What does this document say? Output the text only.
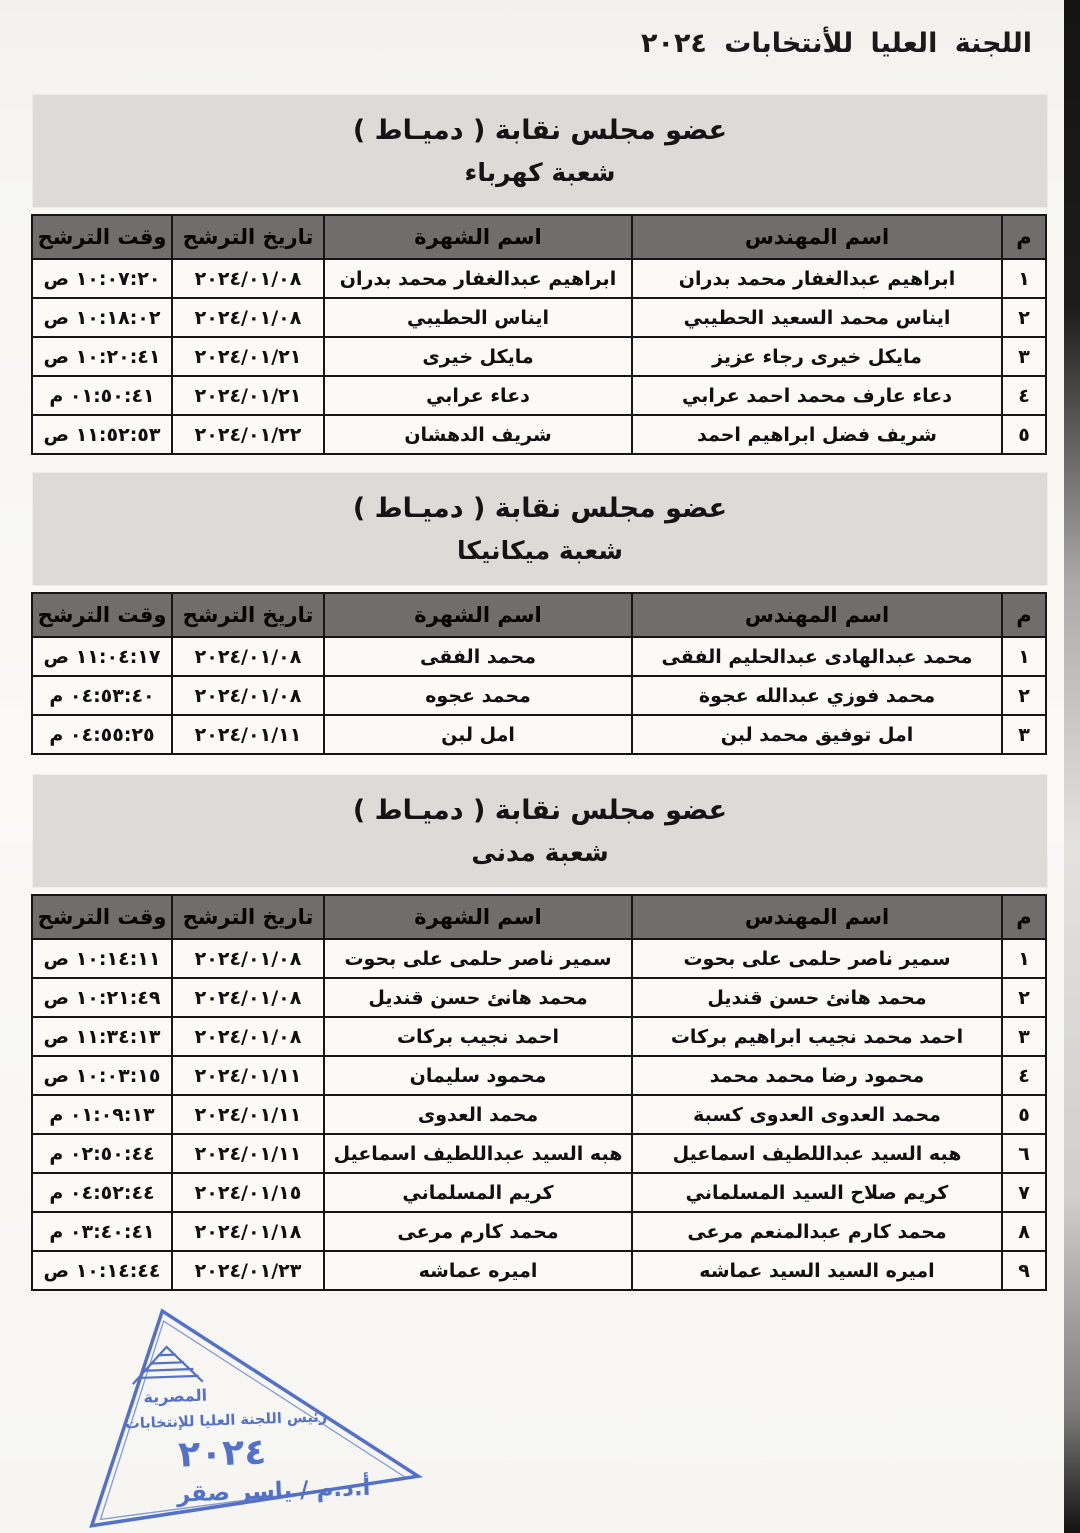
اللجنة العليا للأنتخابات ٢٠٢٤
عضو مجلس نقابة ( دميـاط )
شعبة كهرباء
م	اسم المهندس	اسم الشهرة	تاريخ الترشح	وقت الترشح
١	ابراهيم عبدالغفار محمد بدران	ابراهيم عبدالغفار محمد بدران	٢٠٢٤/٠١/٠٨	١٠:٠٧:٢٠ ص
٢	ايناس محمد السعيد الحطيبي	ايناس الحطيبي	٢٠٢٤/٠١/٠٨	١٠:١٨:٠٢ ص
٣	مايكل خيرى رجاء عزيز	مايكل خيرى	٢٠٢٤/٠١/٢١	١٠:٢٠:٤١ ص
٤	دعاء عارف محمد احمد عرابي	دعاء عرابي	٢٠٢٤/٠١/٢١	٠١:٥٠:٤١ م
٥	شريف فضل ابراهيم احمد	شريف الدهشان	٢٠٢٤/٠١/٢٢	١١:٥٢:٥٣ ص
عضو مجلس نقابة ( دميـاط )
شعبة ميكانيكا
م	اسم المهندس	اسم الشهرة	تاريخ الترشح	وقت الترشح
١	محمد عبدالهادى عبدالحليم الفقى	محمد الفقى	٢٠٢٤/٠١/٠٨	١١:٠٤:١٧ ص
٢	محمد فوزي عبدالله عجوة	محمد عجوه	٢٠٢٤/٠١/٠٨	٠٤:٥٣:٤٠ م
٣	امل توفيق محمد لبن	امل لبن	٢٠٢٤/٠١/١١	٠٤:٥٥:٢٥ م
عضو مجلس نقابة ( دميـاط )
شعبة مدنى
م	اسم المهندس	اسم الشهرة	تاريخ الترشح	وقت الترشح
١	سمير ناصر حلمى على بحوت	سمير ناصر حلمى على بحوت	٢٠٢٤/٠١/٠٨	١٠:١٤:١١ ص
٢	محمد هانئ حسن قنديل	محمد هانئ حسن قنديل	٢٠٢٤/٠١/٠٨	١٠:٢١:٤٩ ص
٣	احمد محمد نجيب ابراهيم بركات	احمد نجيب بركات	٢٠٢٤/٠١/٠٨	١١:٣٤:١٣ ص
٤	محمود رضا محمد محمد	محمود سليمان	٢٠٢٤/٠١/١١	١٠:٠٣:١٥ ص
٥	محمد العدوى العدوى كسبة	محمد العدوى	٢٠٢٤/٠١/١١	٠١:٠٩:١٣ م
٦	هبه السيد عبداللطيف اسماعيل	هبه السيد عبداللطيف اسماعيل	٢٠٢٤/٠١/١١	٠٢:٥٠:٤٤ م
٧	كريم صلاح السيد المسلماني	كريم المسلماني	٢٠٢٤/٠١/١٥	٠٤:٥٢:٤٤ م
٨	محمد كارم عبدالمنعم مرعى	محمد كارم مرعى	٢٠٢٤/٠١/١٨	٠٣:٤٠:٤١ م
٩	اميره السيد السيد عماشه	اميره عماشه	٢٠٢٤/٠١/٢٣	١٠:١٤:٤٤ ص
المصرية
رئيس اللجنة العليا للإنتخابات
٢٠٢٤
أ.د.م / ياسر صقر
